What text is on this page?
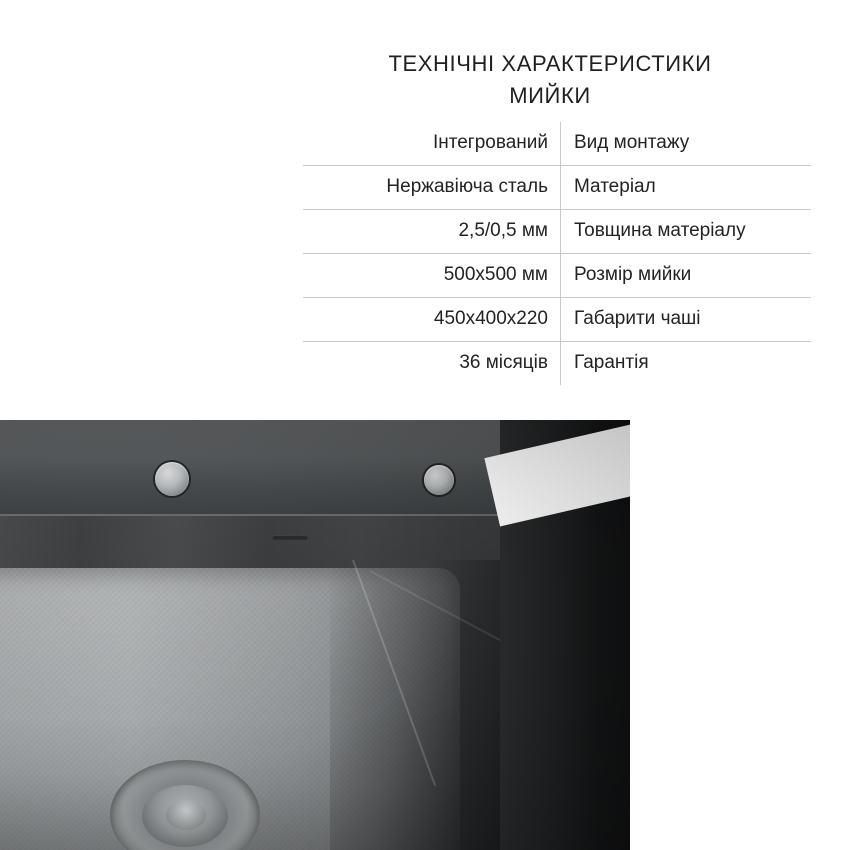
ТЕХНІЧНІ ХАРАКТЕРИСТИКИ
МИЙКИ
Інтегрований	Вид монтажу
Нержавіюча сталь	Матеріал
2,5/0,5 мм	Товщина матеріалу
500x500 мм	Розмір мийки
450x400x220	Габарити чаші
36 місяців	Гарантія
